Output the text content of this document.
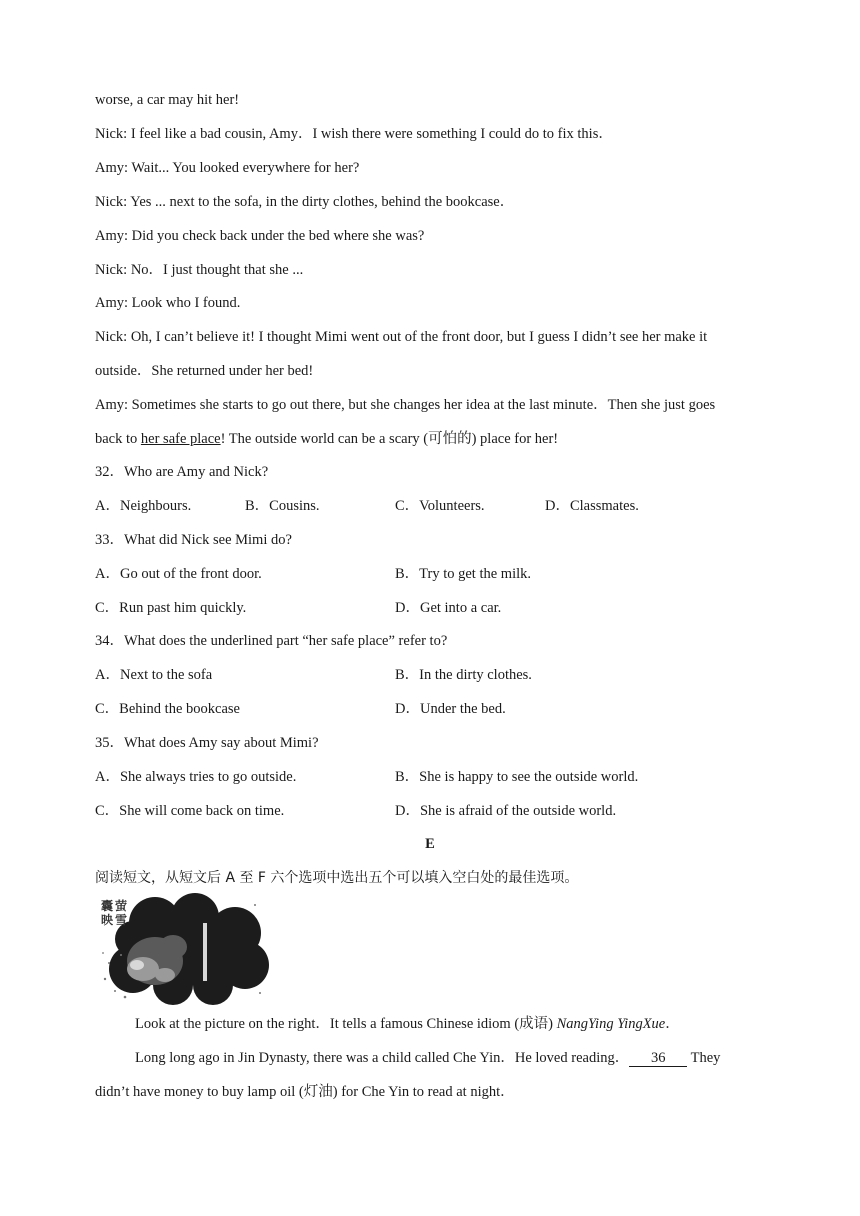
worse, a car may hit her!
Nick: I feel like a bad cousin, Amy．I wish there were something I could do to fix this．
Amy: Wait... You looked everywhere for her?
Nick: Yes ... next to the sofa, in the dirty clothes, behind the bookcase．
Amy: Did you check back under the bed where she was?
Nick: No．I just thought that she ...
Amy: Look who I found.
Nick: Oh, I can’t believe it! I thought Mimi went out of the front door, but I guess I didn’t see her make it
outside．She returned under her bed!
Amy: Sometimes she starts to go out there, but she changes her idea at the last minute．Then she just goes
back to her safe place! The outside world can be a scary (可怕的) place for her!
32．Who are Amy and Nick?
A．Neighbours.	B．Cousins.	C．Volunteers.	D．Classmates.
33．What did Nick see Mimi do?
A．Go out of the front door.	B．Try to get the milk.
C．Run past him quickly.	D．Get into a car.
34．What does the underlined part “her safe place” refer to?
A．Next to the sofa	B．In the dirty clothes.
C．Behind the bookcase	D．Under the bed.
35．What does Amy say about Mimi?
A．She always tries to go outside.	B．She is happy to see the outside world.
C．She will come back on time.	D．She is afraid of the outside world.
E
阅读短文，从短文后 A 至 F 六个选项中选出五个可以填入空白处的最佳选项。
囊萤映雪
Look at the picture on the right．It tells a famous Chinese idiom (成语) NangYing YingXue．
Long long ago in Jin Dynasty, there was a child called Che Yin．He loved reading． 36 They
didn’t have money to buy lamp oil (灯油) for Che Yin to read at night．
